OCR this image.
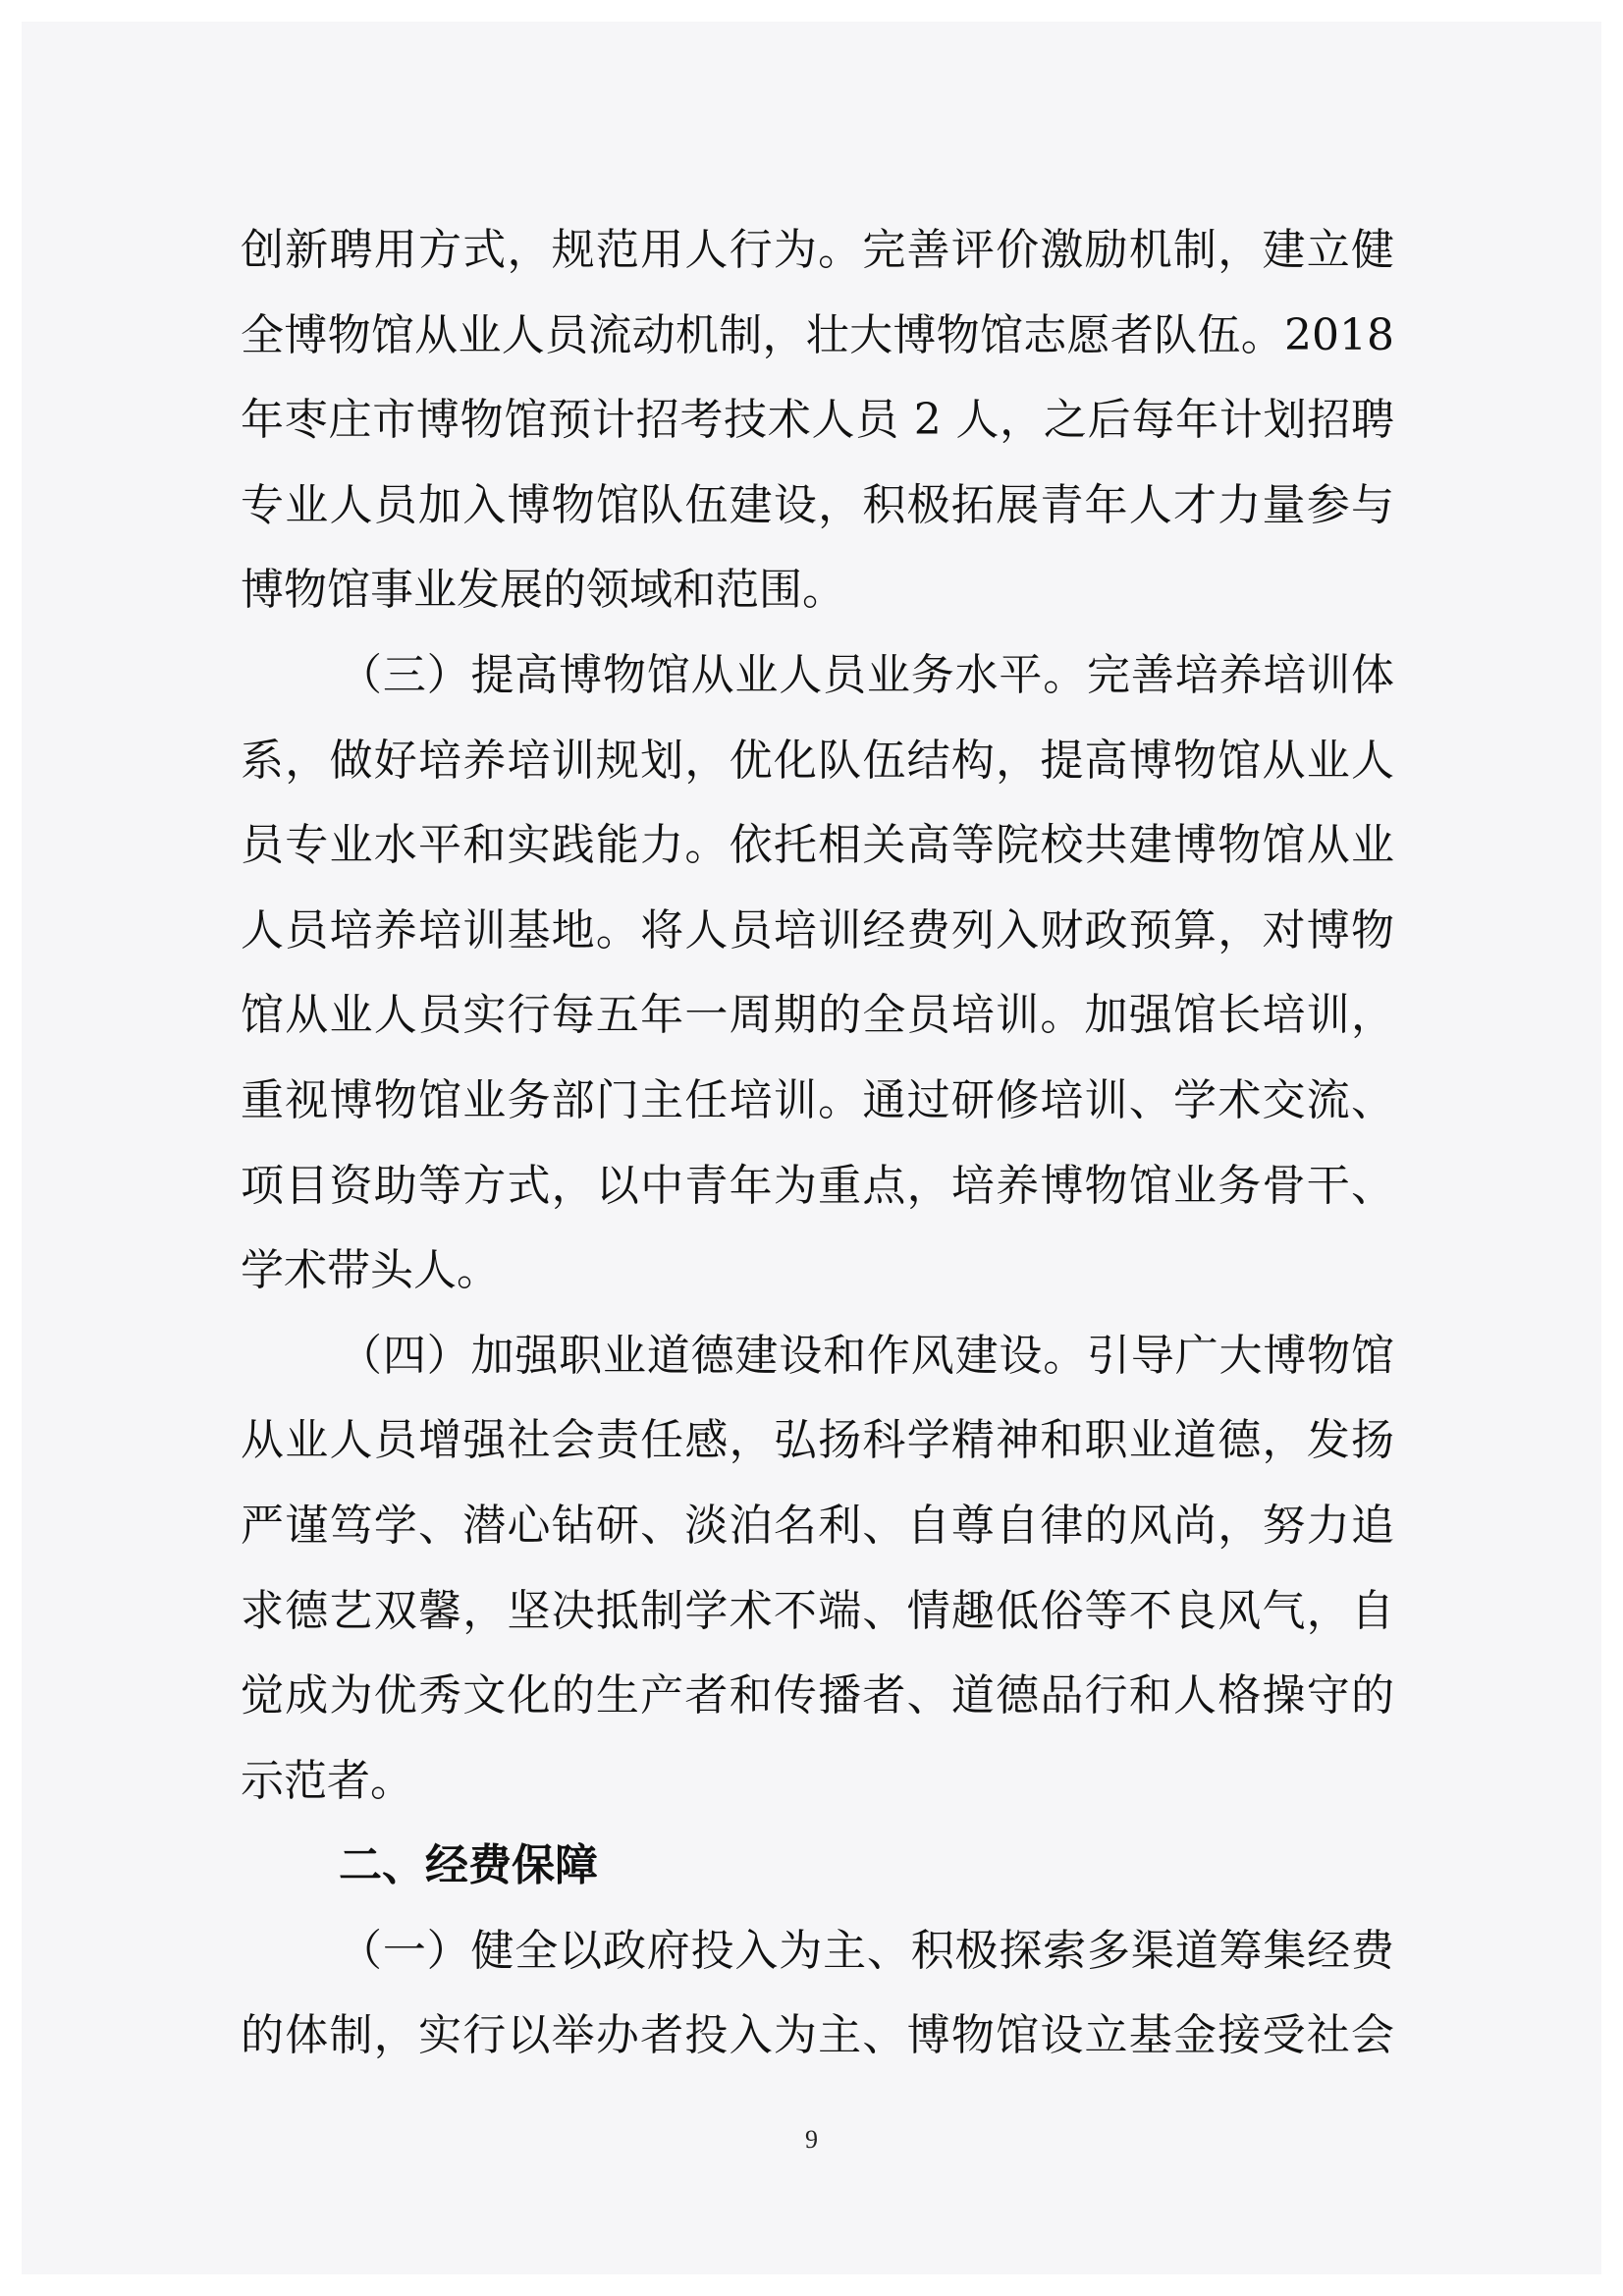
创新聘用方式，规范用人行为。完善评价激励机制，建立健
全博物馆从业人员流动机制，壮大博物馆志愿者队伍。2018
年枣庄市博物馆预计招考技术人员 2 人，之后每年计划招聘
专业人员加入博物馆队伍建设，积极拓展青年人才力量参与
博物馆事业发展的领域和范围。
（三）提高博物馆从业人员业务水平。完善培养培训体
系，做好培养培训规划，优化队伍结构，提高博物馆从业人
员专业水平和实践能力。依托相关高等院校共建博物馆从业
人员培养培训基地。将人员培训经费列入财政预算，对博物
馆从业人员实行每五年一周期的全员培训。加强馆长培训，
重视博物馆业务部门主任培训。通过研修培训、学术交流、
项目资助等方式，以中青年为重点，培养博物馆业务骨干、
学术带头人。
（四）加强职业道德建设和作风建设。引导广大博物馆
从业人员增强社会责任感，弘扬科学精神和职业道德，发扬
严谨笃学、潜心钻研、淡泊名利、自尊自律的风尚，努力追
求德艺双馨，坚决抵制学术不端、情趣低俗等不良风气，自
觉成为优秀文化的生产者和传播者、道德品行和人格操守的
示范者。
二、经费保障
（一）健全以政府投入为主、积极探索多渠道筹集经费
的体制，实行以举办者投入为主、博物馆设立基金接受社会
9
